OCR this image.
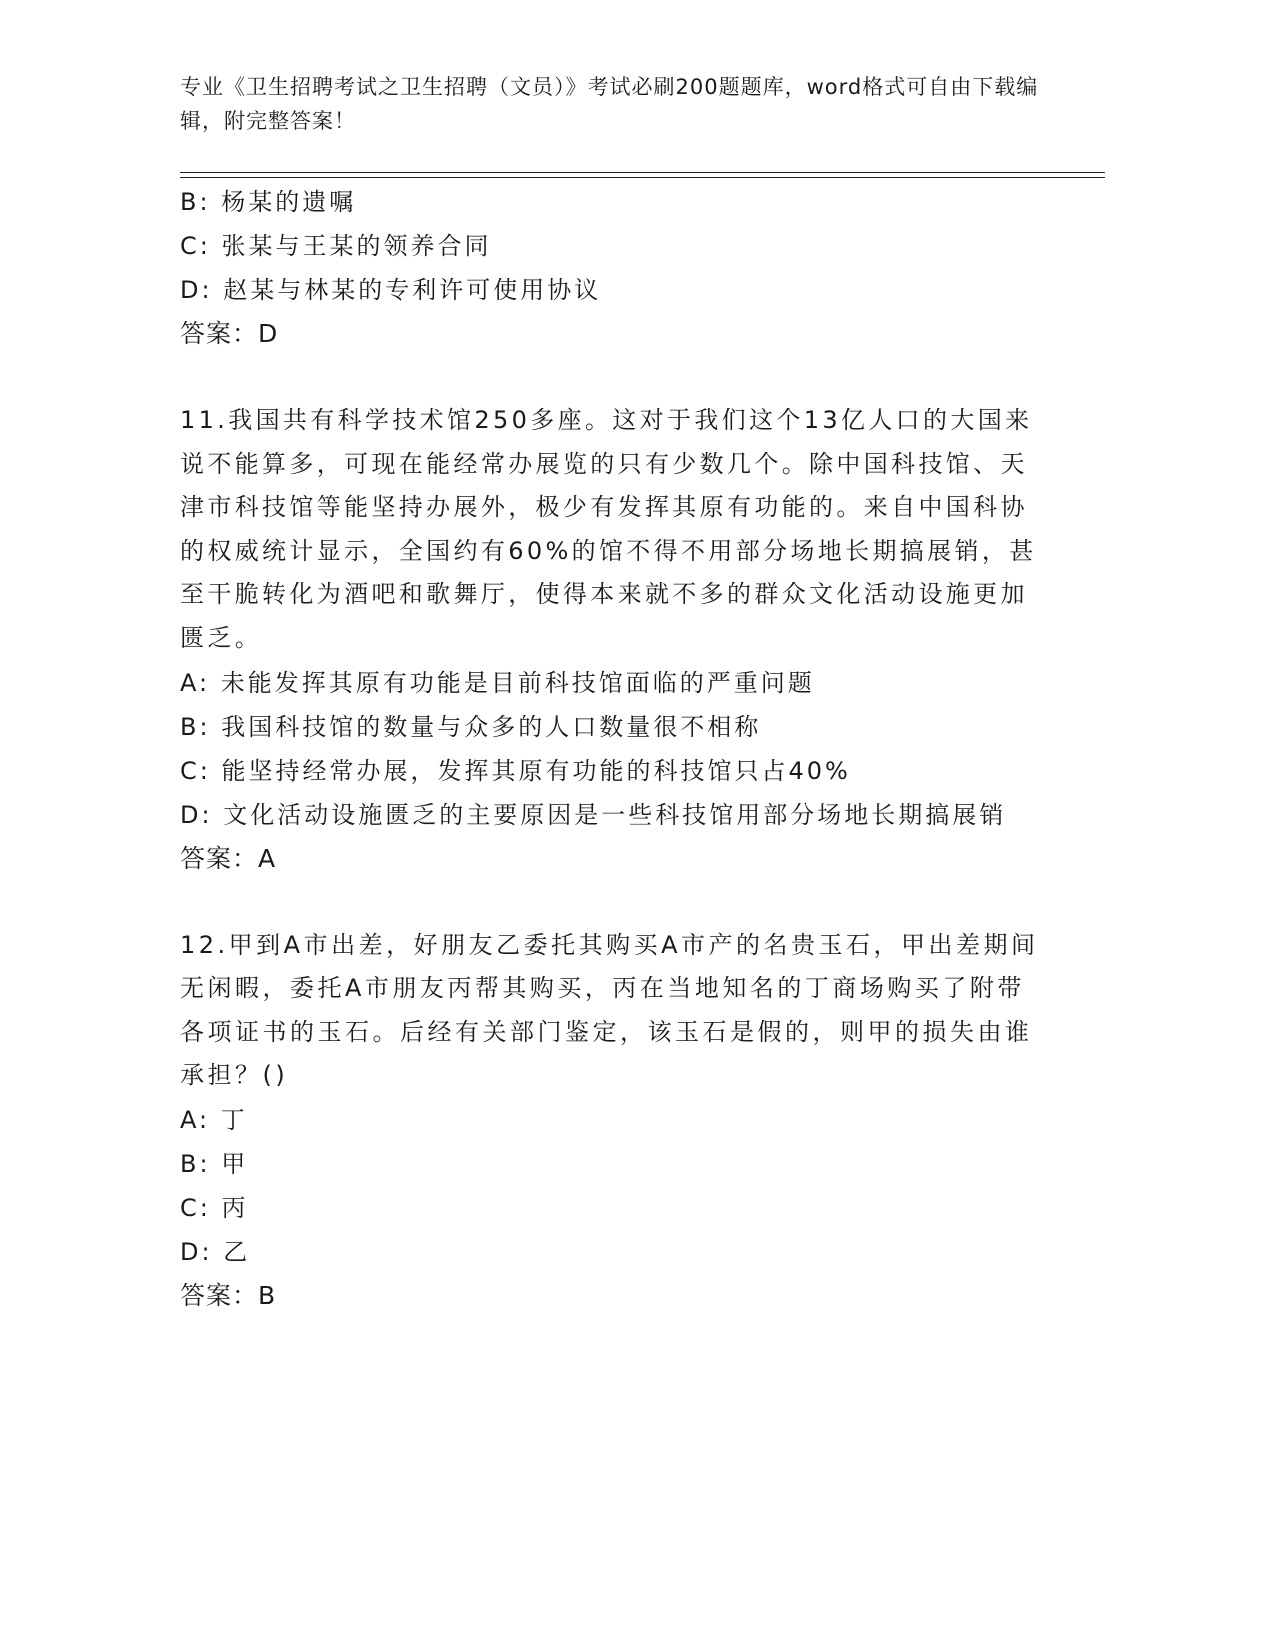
专业《卫生招聘考试之卫生招聘（文员）》考试必刷200题题库，word格式可自由下载编辑，附完整答案！
B: 杨某的遗嘱
C: 张某与王某的领养合同
D: 赵某与林某的专利许可使用协议
答案：D
11.我国共有科学技术馆250多座。这对于我们这个13亿人口的大国来说不能算多，可现在能经常办展览的只有少数几个。除中国科技馆、天津市科技馆等能坚持办展外，极少有发挥其原有功能的。来自中国科协的权威统计显示，全国约有60%的馆不得不用部分场地长期搞展销，甚至干脆转化为酒吧和歌舞厅，使得本来就不多的群众文化活动设施更加匮乏。
A: 未能发挥其原有功能是目前科技馆面临的严重问题
B: 我国科技馆的数量与众多的人口数量很不相称
C: 能坚持经常办展，发挥其原有功能的科技馆只占40%
D: 文化活动设施匮乏的主要原因是一些科技馆用部分场地长期搞展销
答案：A
12.甲到A市出差，好朋友乙委托其购买A市产的名贵玉石，甲出差期间无闲暇，委托A市朋友丙帮其购买，丙在当地知名的丁商场购买了附带各项证书的玉石。后经有关部门鉴定，该玉石是假的，则甲的损失由谁承担？()
A: 丁
B: 甲
C: 丙
D: 乙
答案：B
